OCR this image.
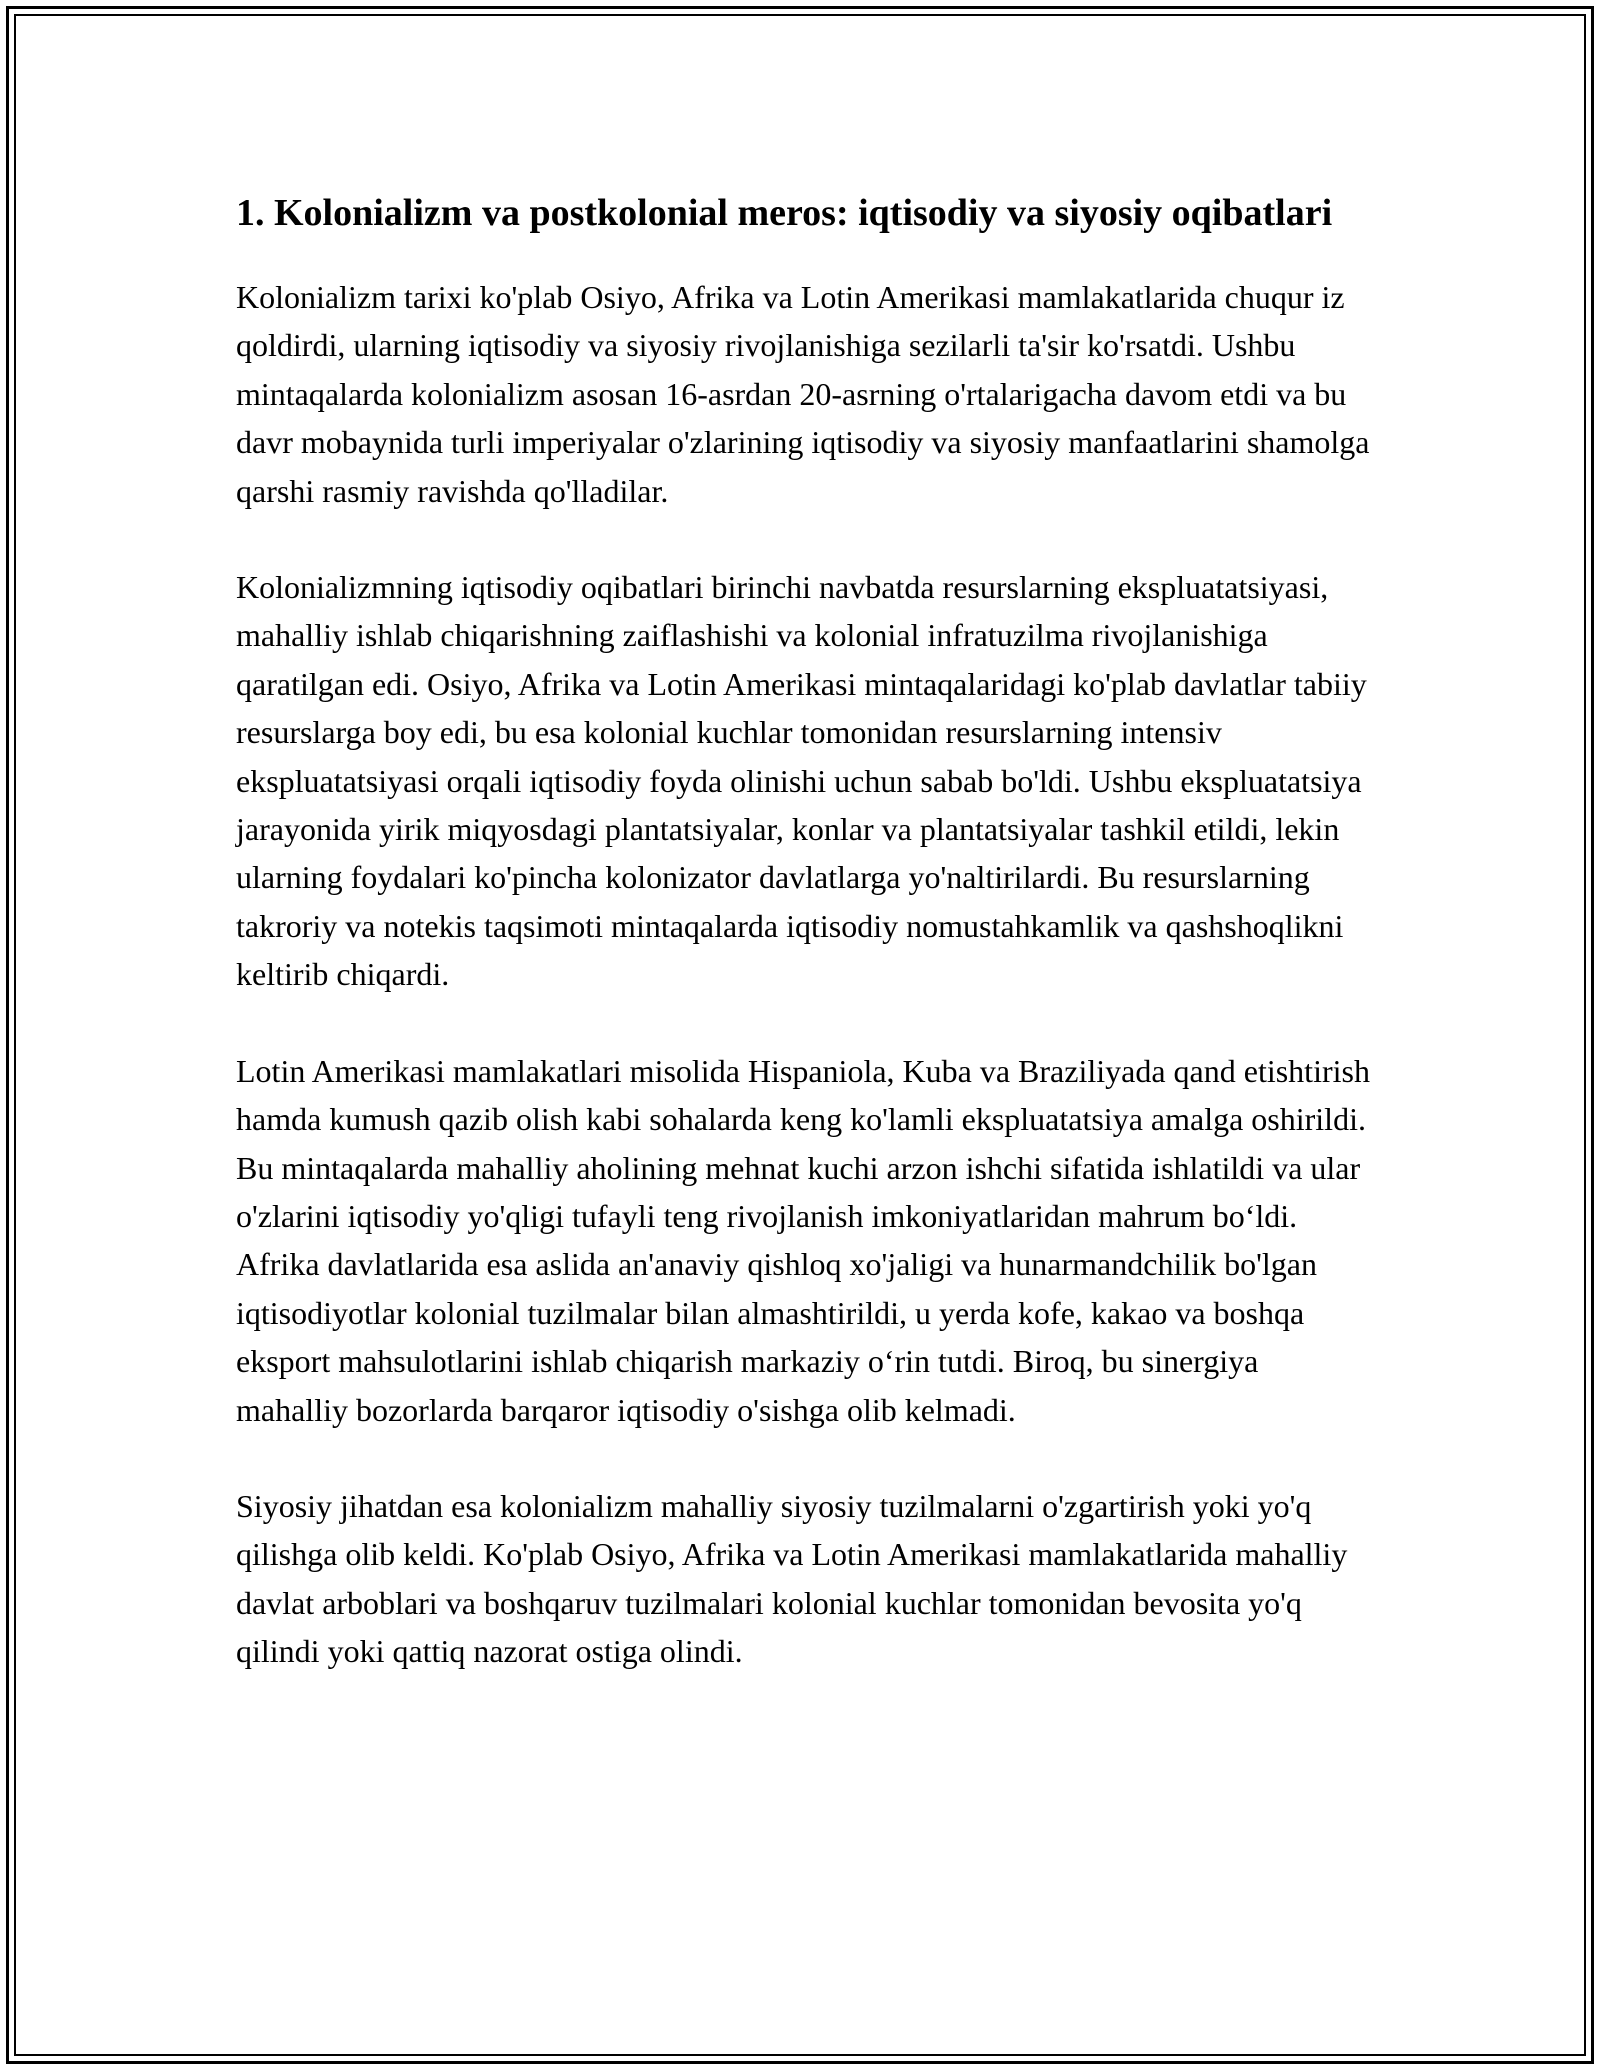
1. Kolonializm va postkolonial meros: iqtisodiy va siyosiy oqibatlari

Kolonializm tarixi ko'plab Osiyo, Afrika va Lotin Amerikasi mamlakatlarida chuqur iz qoldirdi, ularning iqtisodiy va siyosiy rivojlanishiga sezilarli ta'sir ko'rsatdi. Ushbu mintaqalarda kolonializm asosan 16-asrdan 20-asrning o'rtalarigacha davom etdi va bu davr mobaynida turli imperiyalar o'zlarining iqtisodiy va siyosiy manfaatlarini shamolga qarshi rasmiy ravishda qo'lladilar.

Kolonializmning iqtisodiy oqibatlari birinchi navbatda resurslarning ekspluatatsiyasi, mahalliy ishlab chiqarishning zaiflashishi va kolonial infratuzilma rivojlanishiga qaratilgan edi. Osiyo, Afrika va Lotin Amerikasi mintaqalaridagi ko'plab davlatlar tabiiy resurslarga boy edi, bu esa kolonial kuchlar tomonidan resurslarning intensiv ekspluatatsiyasi orqali iqtisodiy foyda olinishi uchun sabab bo'ldi. Ushbu ekspluatatsiya jarayonida yirik miqyosdagi plantatsiyalar, konlar va plantatsiyalar tashkil etildi, lekin ularning foydalari ko'pincha kolonizator davlatlarga yo'naltirilardi. Bu resurslarning takroriy va notekis taqsimoti mintaqalarda iqtisodiy nomustahkamlik va qashshoqlikni keltirib chiqardi.

Lotin Amerikasi mamlakatlari misolida Hispaniola, Kuba va Braziliyada qand etishtirish hamda kumush qazib olish kabi sohalarda keng ko'lamli ekspluatatsiya amalga oshirildi. Bu mintaqalarda mahalliy aholining mehnat kuchi arzon ishchi sifatida ishlatildi va ular o'zlarini iqtisodiy yo'qligi tufayli teng rivojlanish imkoniyatlaridan mahrum bo‘ldi. Afrika davlatlarida esa aslida an'anaviy qishloq xo'jaligi va hunarmandchilik bo'lgan iqtisodiyotlar kolonial tuzilmalar bilan almashtirildi, u yerda kofe, kakao va boshqa eksport mahsulotlarini ishlab chiqarish markaziy o‘rin tutdi. Biroq, bu sinergiya mahalliy bozorlarda barqaror iqtisodiy o'sishga olib kelmadi.

Siyosiy jihatdan esa kolonializm mahalliy siyosiy tuzilmalarni o'zgartirish yoki yo'q qilishga olib keldi. Ko'plab Osiyo, Afrika va Lotin Amerikasi mamlakatlarida mahalliy davlat arboblari va boshqaruv tuzilmalari kolonial kuchlar tomonidan bevosita yo'q qilindi yoki qattiq nazorat ostiga olindi.
